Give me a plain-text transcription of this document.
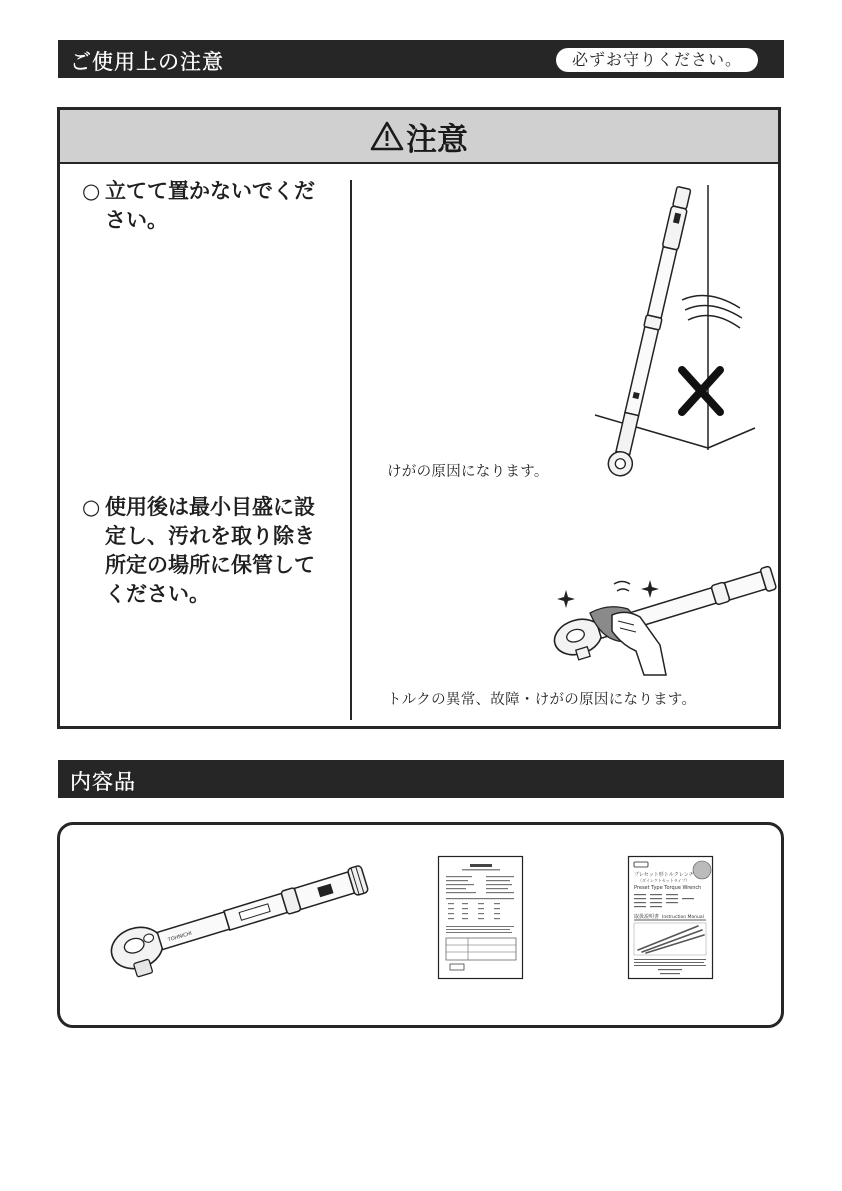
ご使用上の注意	必ずお守りください。
注意
○ 立てて置かないでください。
けがの原因になります。
○ 使用後は最小目盛に設定し、汚れを取り除き所定の場所に保管してください。
トルクの異常、故障・けがの原因になります。
内容品
TOHNICHI
プレセット形トルクレンチ
（ダイレクトセットタイプ）
Preset Type Torque Wrench
取扱説明書 Instruction Manual
